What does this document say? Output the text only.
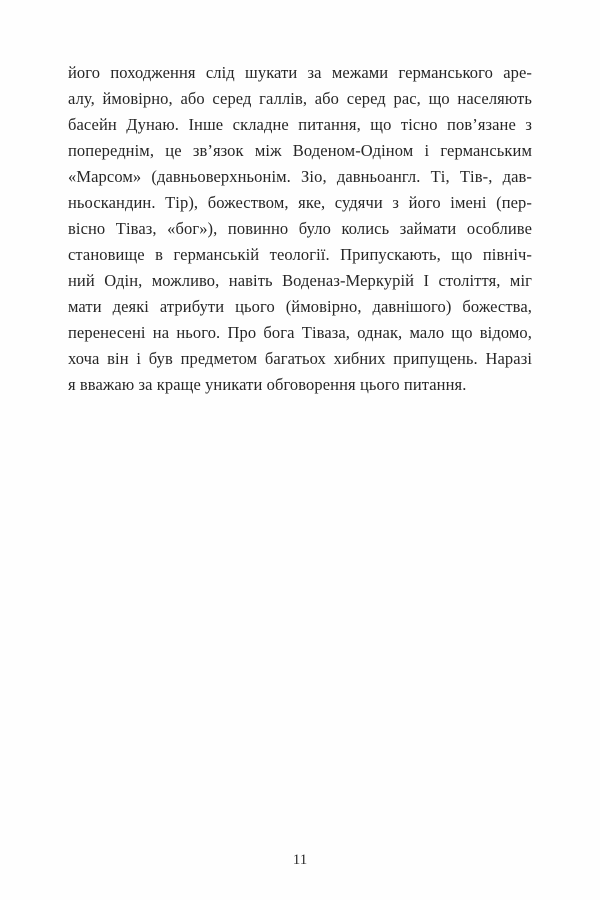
його походження слід шукати за межами германського аре-
алу, ймовірно, або серед галлів, або серед рас, що населяють
басейн Дунаю. Інше складне питання, що тісно пов’язане з
попереднім, це зв’язок між Воденом-Одіном і германським
«Марсом» (давньоверхньонім. Зіо, давньоангл. Ті, Тів-, дав-
ньоскандин. Тір), божеством, яке, судячи з його імені (пер-
вісно Тіваз, «бог»), повинно було колись займати особливе
становище в германській теології. Припускають, що північ-
ний Одін, можливо, навіть Воденаз-Меркурій І століття, міг
мати деякі атрибути цього (ймовірно, давнішого) божества,
перенесені на нього. Про бога Тіваза, однак, мало що відомо,
хоча він і був предметом багатьох хибних припущень. Наразі
я вважаю за краще уникати обговорення цього питання.
11
